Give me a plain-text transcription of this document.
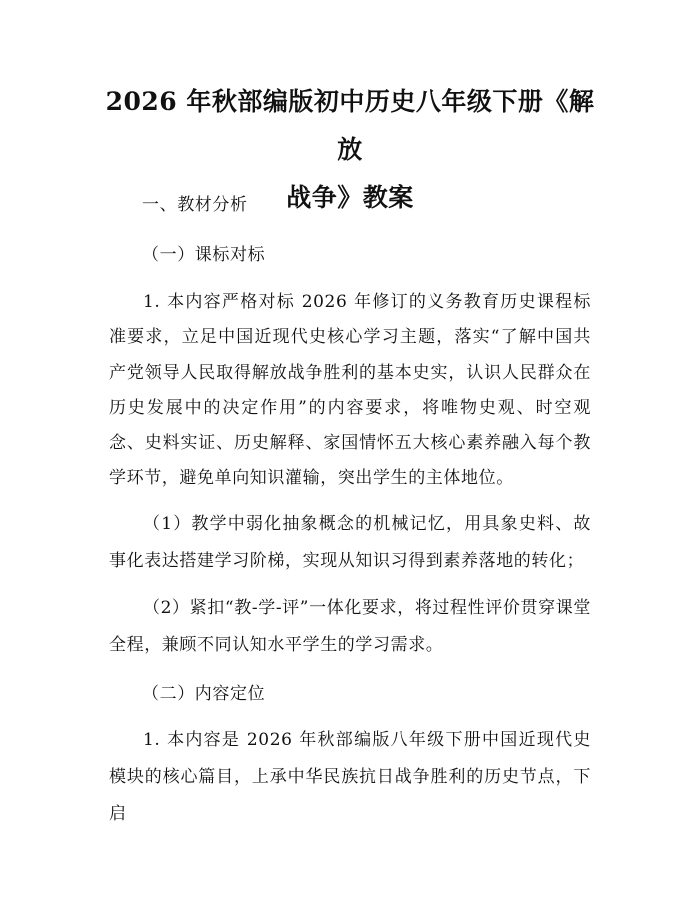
2026 年秋部编版初中历史八年级下册《解放
战争》教案

一、教材分析

（一）课标对标

1. 本内容严格对标 2026 年修订的义务教育历史课程标准要求，立足中国近现代史核心学习主题，落实“了解中国共产党领导人民取得解放战争胜利的基本史实，认识人民群众在历史发展中的决定作用”的内容要求，将唯物史观、时空观念、史料实证、历史解释、家国情怀五大核心素养融入每个教学环节，避免单向知识灌输，突出学生的主体地位。

（1）教学中弱化抽象概念的机械记忆，用具象史料、故事化表达搭建学习阶梯，实现从知识习得到素养落地的转化；

（2）紧扣“教-学-评”一体化要求，将过程性评价贯穿课堂全程，兼顾不同认知水平学生的学习需求。

（二）内容定位

1. 本内容是 2026 年秋部编版八年级下册中国近现代史模块的核心篇目，上承中华民族抗日战争胜利的历史节点，下启
